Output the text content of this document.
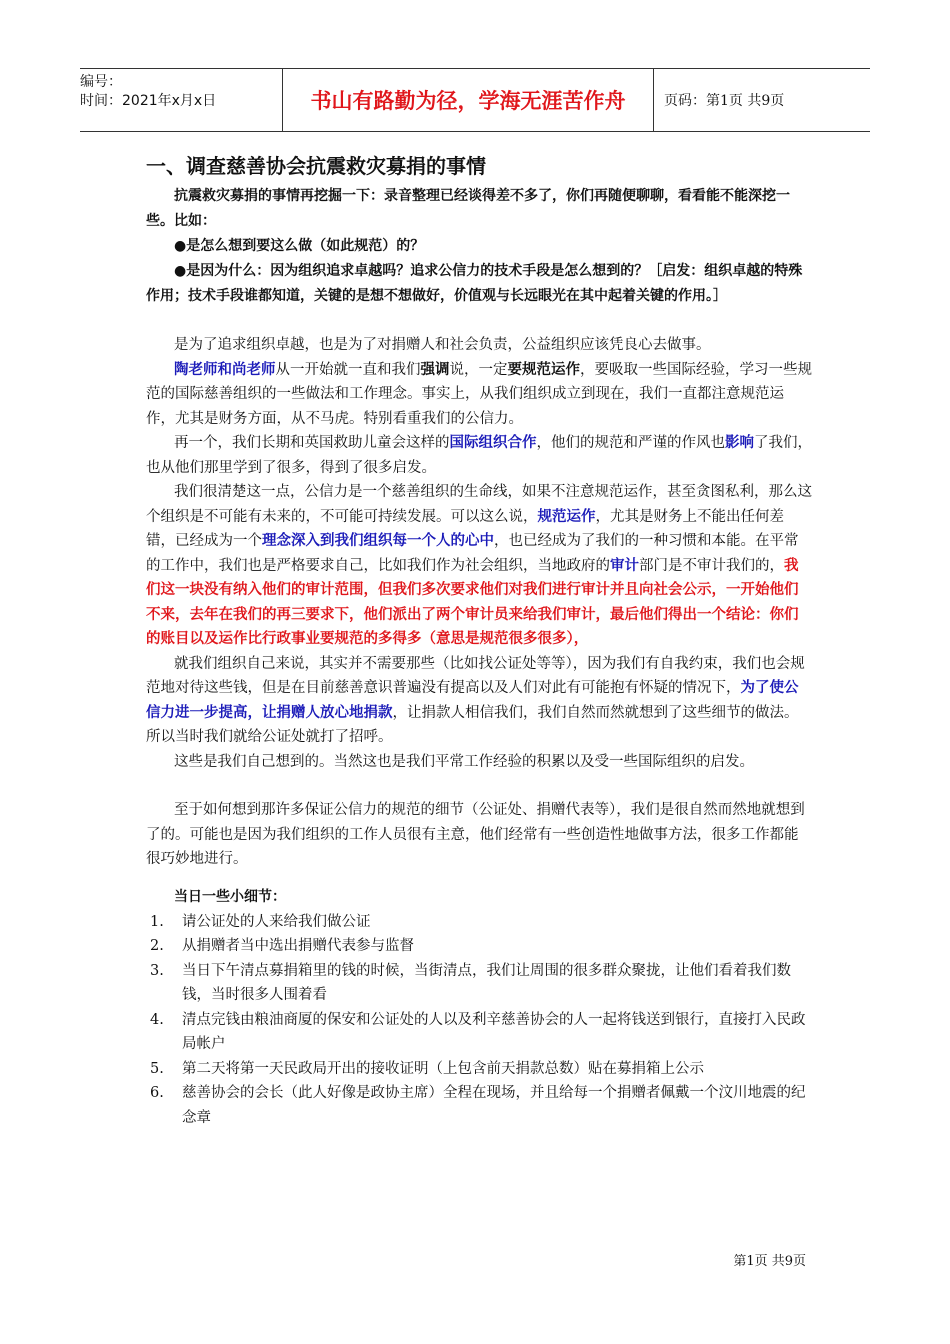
编号：
时间：2021年x月x日	书山有路勤为径，学海无涯苦作舟	页码：第1页 共9页
一、调查慈善协会抗震救灾募捐的事情

抗震救灾募捐的事情再挖掘一下：录音整理已经谈得差不多了，你们再随便聊聊，看看能不能深挖一些。比如：

●是怎么想到要这么做（如此规范）的？

●是因为什么：因为组织追求卓越吗？追求公信力的技术手段是怎么想到的？［启发：组织卓越的特殊作用；技术手段谁都知道，关键的是想不想做好，价值观与长远眼光在其中起着关键的作用。］

是为了追求组织卓越，也是为了对捐赠人和社会负责，公益组织应该凭良心去做事。

陶老师和尚老师从一开始就一直和我们强调说，一定要规范运作，要吸取一些国际经验，学习一些规范的国际慈善组织的一些做法和工作理念。事实上，从我们组织成立到现在，我们一直都注意规范运作，尤其是财务方面，从不马虎。特别看重我们的公信力。

再一个，我们长期和英国救助儿童会这样的国际组织合作，他们的规范和严谨的作风也影响了我们，也从他们那里学到了很多，得到了很多启发。

我们很清楚这一点，公信力是一个慈善组织的生命线，如果不注意规范运作，甚至贪图私利，那么这个组织是不可能有未来的，不可能可持续发展。可以这么说，规范运作，尤其是财务上不能出任何差错，已经成为一个理念深入到我们组织每一个人的心中，也已经成为了我们的一种习惯和本能。在平常的工作中，我们也是严格要求自己，比如我们作为社会组织，当地政府的审计部门是不审计我们的，我们这一块没有纳入他们的审计范围，但我们多次要求他们对我们进行审计并且向社会公示，一开始他们不来，去年在我们的再三要求下，他们派出了两个审计员来给我们审计，最后他们得出一个结论：你们的账目以及运作比行政事业要规范的多得多（意思是规范很多很多），

就我们组织自己来说，其实并不需要那些（比如找公证处等等），因为我们有自我约束，我们也会规范地对待这些钱，但是在目前慈善意识普遍没有提高以及人们对此有可能抱有怀疑的情况下，为了使公信力进一步提高，让捐赠人放心地捐款，让捐款人相信我们，我们自然而然就想到了这些细节的做法。所以当时我们就给公证处就打了招呼。

这些是我们自己想到的。当然这也是我们平常工作经验的积累以及受一些国际组织的启发。

至于如何想到那许多保证公信力的规范的细节（公证处、捐赠代表等），我们是很自然而然地就想到了的。可能也是因为我们组织的工作人员很有主意，他们经常有一些创造性地做事方法，很多工作都能很巧妙地进行。

当日一些小细节：
1.	请公证处的人来给我们做公证
2.	从捐赠者当中选出捐赠代表参与监督
3.	当日下午清点募捐箱里的钱的时候，当街清点，我们让周围的很多群众聚拢，让他们看着我们数钱，当时很多人围着看
4.	清点完钱由粮油商厦的保安和公证处的人以及利辛慈善协会的人一起将钱送到银行，直接打入民政局帐户
5.	第二天将第一天民政局开出的接收证明（上包含前天捐款总数）贴在募捐箱上公示
6.	慈善协会的会长（此人好像是政协主席）全程在现场，并且给每一个捐赠者佩戴一个汶川地震的纪念章
第1页 共9页
